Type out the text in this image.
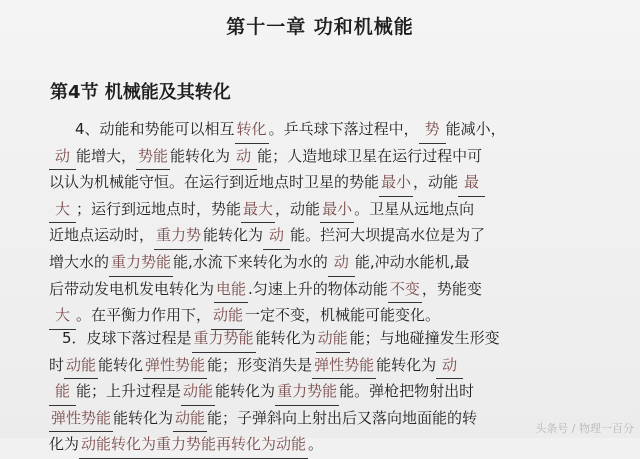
第十一章 功和机械能
第4节 机械能及其转化
4、动能和势能可以相互 转化 。乒乓球下落过程中， 势 能减小，
动 能增大， 势能 能转化为 动 能；人造地球卫星在运行过程中可
以认为机械能守恒。在运行到近地点时卫星的势能 最小 ，动能 最
大 ；运行到远地点时，势能 最大 ，动能 最小 。卫星从远地点向
近地点运动时， 重力势 能转化为 动 能。拦河大坝提高水位是为了
增大水的 重力势能 能,水流下来转化为水的 动 能,冲动水能机,最
后带动发电机发电转化为 电能 .匀速上升的物体动能 不变 ，势能变
大 。在平衡力作用下， 动能 一定不变，机械能可能变化。
5．皮球下落过程是 重力势能 能转化为 动能 能；与地碰撞发生形变
时 动能 能转化 弹性势能 能；形变消失是 弹性势能 能转化为 动
能 能；上升过程是 动能 能转化为 重力势能 能。弹枪把物射出时
弹性势能 能转化为 动能 能；子弹斜向上射出后又落向地面能的转
化为 动能转化为重力势能再转化为动能 。
头条号 / 物理一百分
